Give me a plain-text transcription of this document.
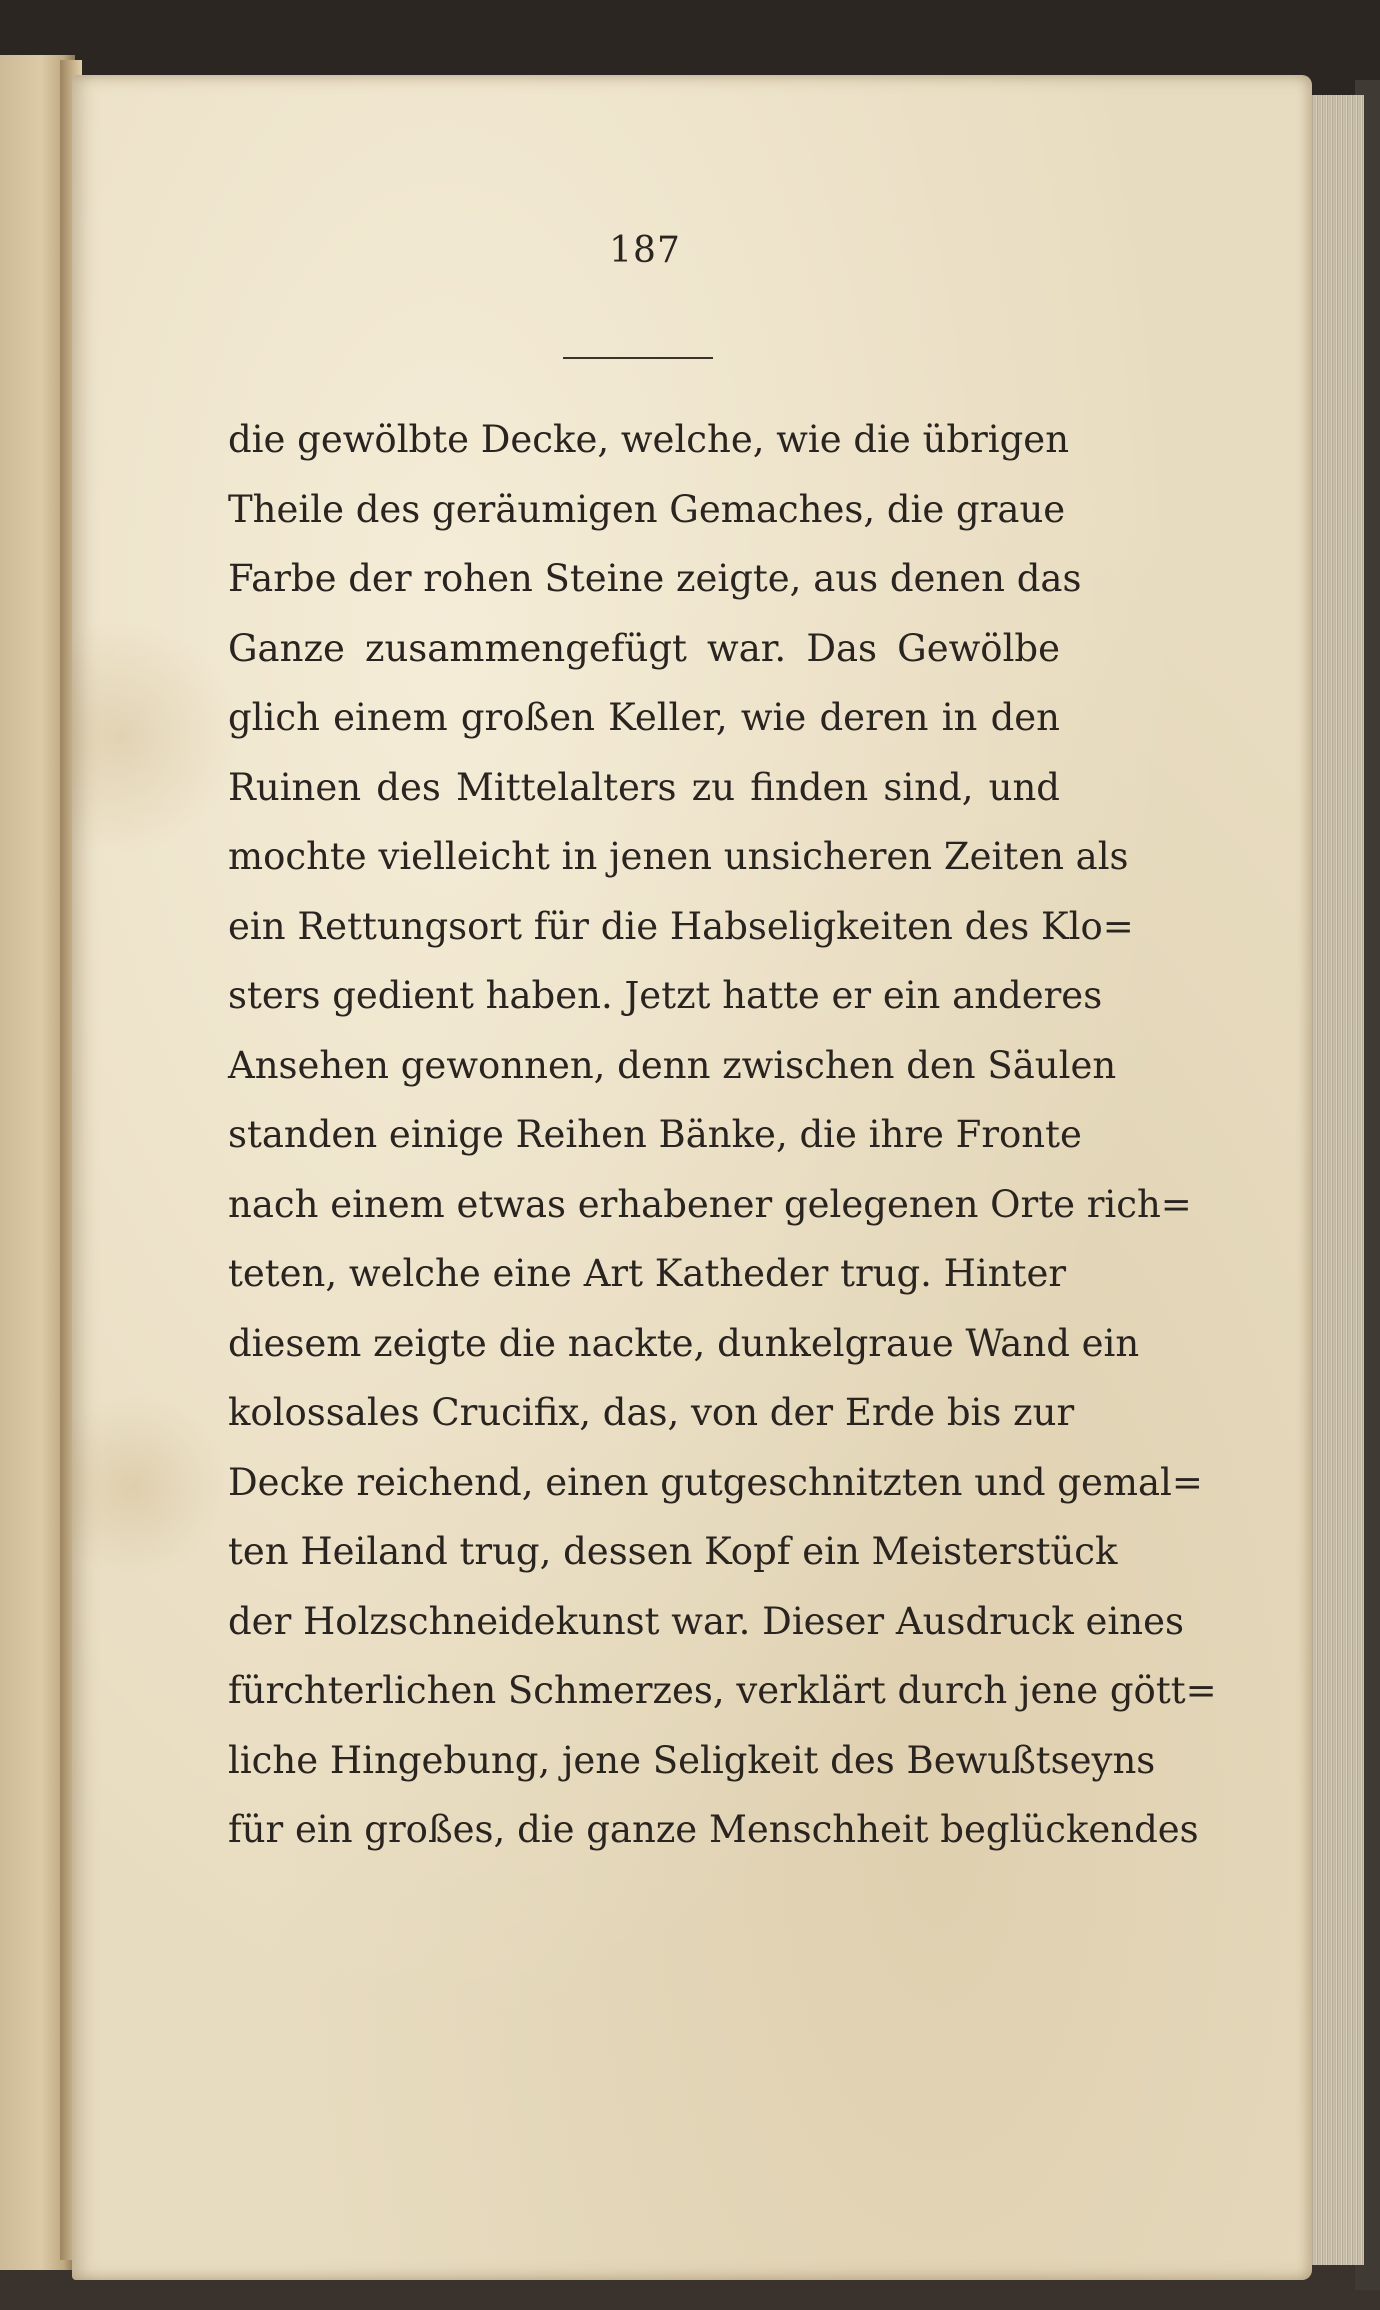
187
die gewölbte Decke, welche, wie die übrigen
Theile des geräumigen Gemaches, die graue
Farbe der rohen Steine zeigte, aus denen das
Ganze zusammengefügt war. Das Gewölbe
glich einem großen Keller, wie deren in den
Ruinen des Mittelalters zu finden sind, und
mochte vielleicht in jenen unsicheren Zeiten als
ein Rettungsort für die Habseligkeiten des Klo=
sters gedient haben. Jetzt hatte er ein anderes
Ansehen gewonnen, denn zwischen den Säulen
standen einige Reihen Bänke, die ihre Fronte
nach einem etwas erhabener gelegenen Orte rich=
teten, welche eine Art Katheder trug. Hinter
diesem zeigte die nackte, dunkelgraue Wand ein
kolossales Crucifix, das, von der Erde bis zur
Decke reichend, einen gutgeschnitzten und gemal=
ten Heiland trug, dessen Kopf ein Meisterstück
der Holzschneidekunst war. Dieser Ausdruck eines
fürchterlichen Schmerzes, verklärt durch jene gött=
liche Hingebung, jene Seligkeit des Bewußtseyns
für ein großes, die ganze Menschheit beglückendes
